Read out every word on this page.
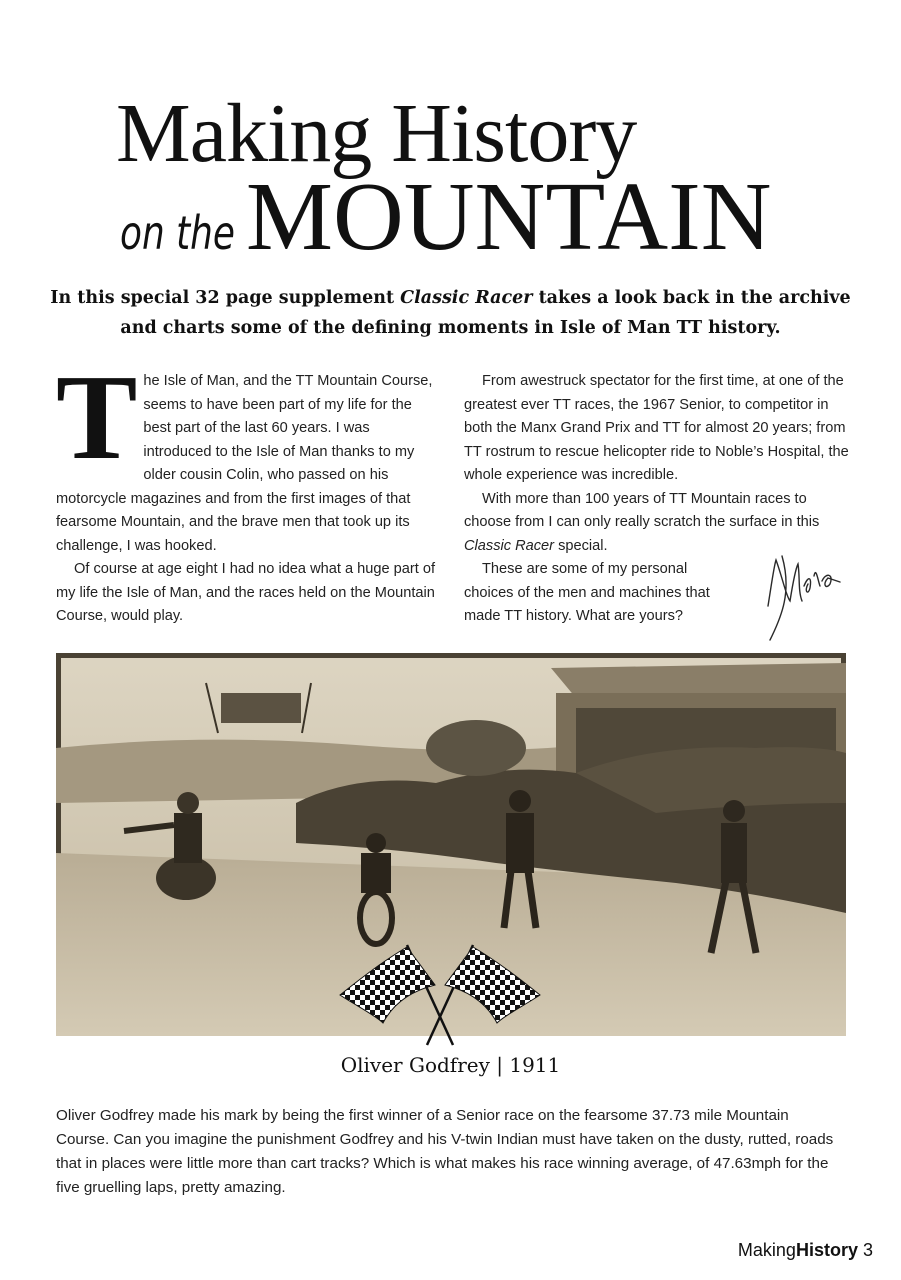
Making History
on the MOUNTAIN
In this special 32 page supplement Classic Racer takes a look back in the archive and charts some of the defining moments in Isle of Man TT history.

The Isle of Man, and the TT Mountain Course, seems to have been part of my life for the best part of the last 60 years. I was introduced to the Isle of Man thanks to my older cousin Colin, who passed on his motorcycle magazines and from the first images of that fearsome Mountain, and the brave men that took up its challenge, I was hooked.

Of course at age eight I had no idea what a huge part of my life the Isle of Man, and the races held on the Mountain Course, would play.

From awestruck spectator for the first time, at one of the greatest ever TT races, the 1967 Senior, to competitor in both the Manx Grand Prix and TT for almost 20 years; from TT rostrum to rescue helicopter ride to Noble’s Hospital, the whole experience was incredible.

With more than 100 years of TT Mountain races to choose from I can only really scratch the surface in this Classic Racer special.

These are some of my personal
choices of the men and machines that
made TT history. What are yours?

Oliver Godfrey | 1911
Oliver Godfrey made his mark by being the first winner of a Senior race on the fearsome 37.73 mile Mountain Course. Can you imagine the punishment Godfrey and his V-twin Indian must have taken on the dusty, rutted, roads that in places were little more than cart tracks? Which is what makes his race winning average, of 47.63mph for the five gruelling laps, pretty amazing.
MakingHistory 3
